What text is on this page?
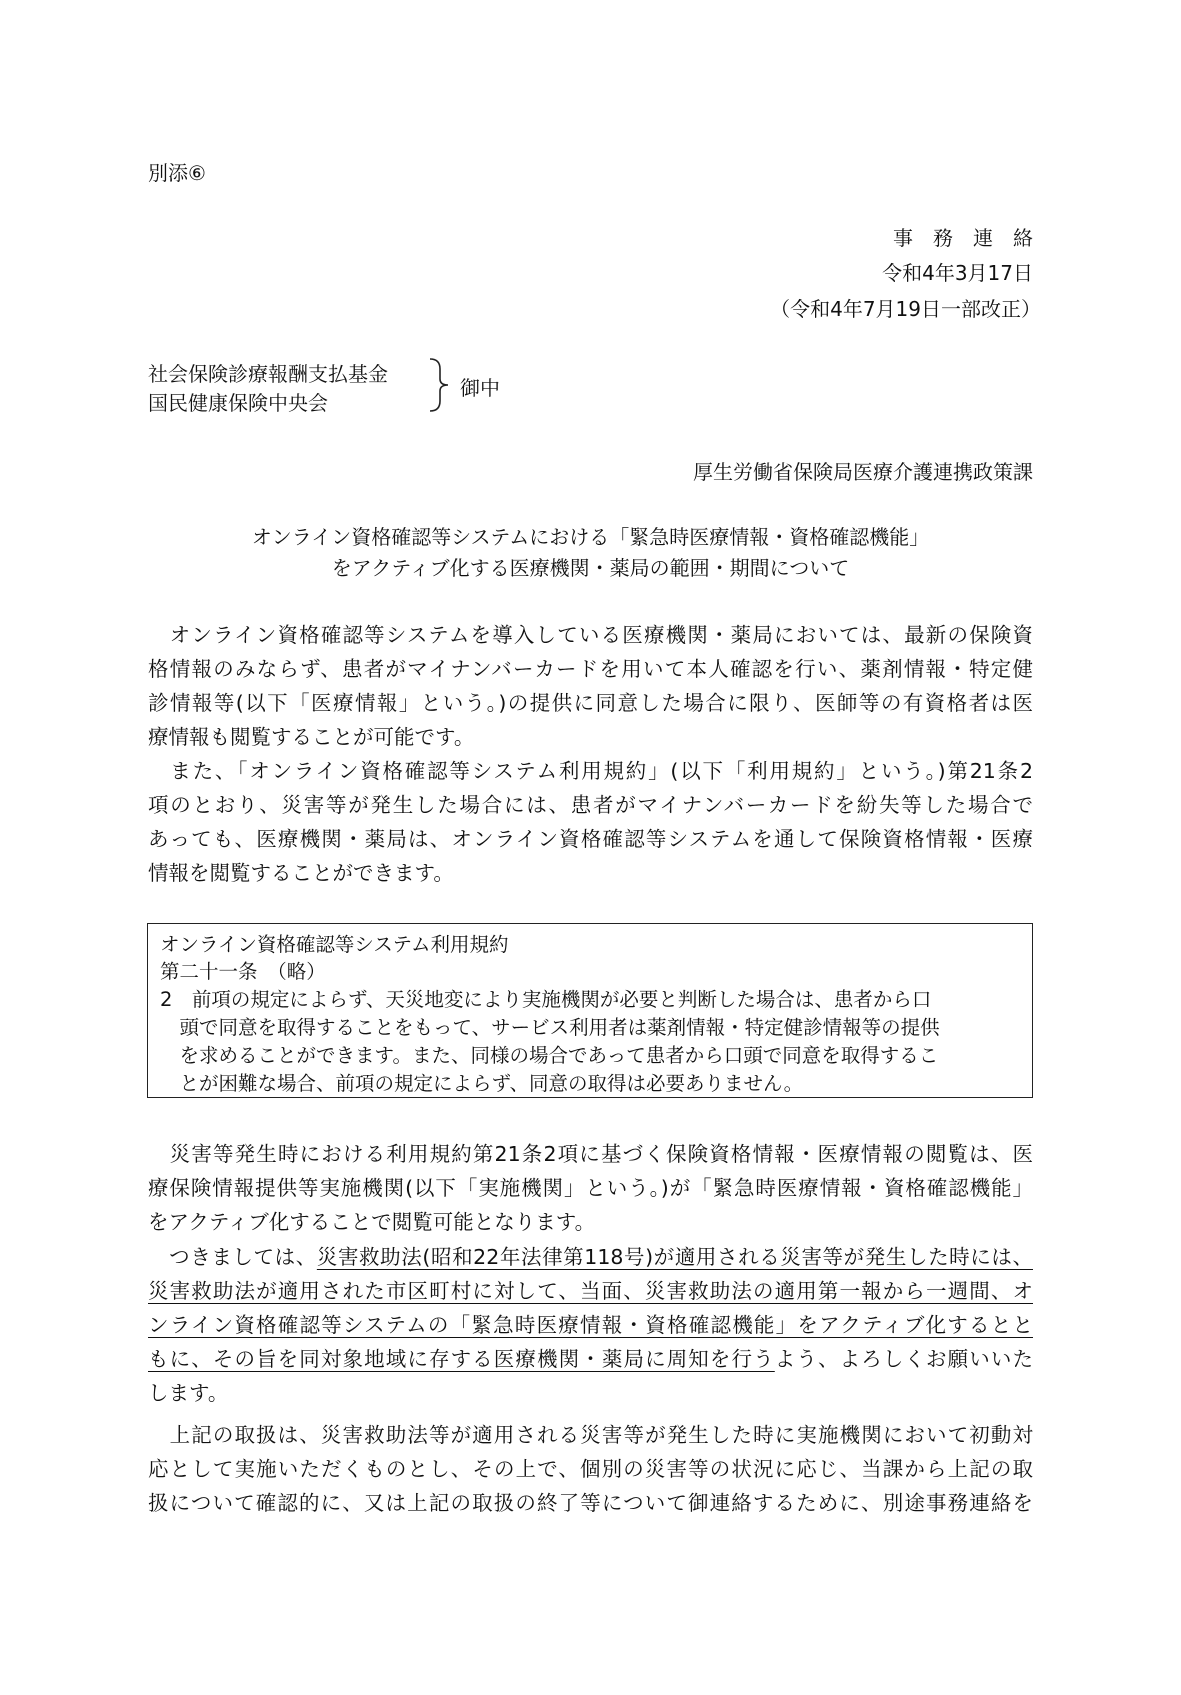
別添⑥
事　務　連　絡
令和4年3月17日
（令和4年7月19日一部改正）
社会保険診療報酬支払基金
国民健康保険中央会
御中
厚生労働省保険局医療介護連携政策課
オンライン資格確認等システムにおける「緊急時医療情報・資格確認機能」
をアクティブ化する医療機関・薬局の範囲・期間について
　オンライン資格確認等システムを導入している医療機関・薬局においては、最新の保険資
格情報のみならず、患者がマイナンバーカードを用いて本人確認を行い、薬剤情報・特定健
診情報等(以下「医療情報」という。)の提供に同意した場合に限り、医師等の有資格者は医
療情報も閲覧することが可能です。
　また、「オンライン資格確認等システム利用規約」(以下「利用規約」という。)第21条2
項のとおり、災害等が発生した場合には、患者がマイナンバーカードを紛失等した場合で
あっても、医療機関・薬局は、オンライン資格確認等システムを通して保険資格情報・医療
情報を閲覧することができます。
オンライン資格確認等システム利用規約
第二十一条　（略）
2　前項の規定によらず、天災地変により実施機関が必要と判断した場合は、患者から口
　頭で同意を取得することをもって、サービス利用者は薬剤情報・特定健診情報等の提供
　を求めることができます。また、同様の場合であって患者から口頭で同意を取得するこ
　とが困難な場合、前項の規定によらず、同意の取得は必要ありません。
　災害等発生時における利用規約第21条2項に基づく保険資格情報・医療情報の閲覧は、医
療保険情報提供等実施機関(以下「実施機関」という。)が「緊急時医療情報・資格確認機能」
をアクティブ化することで閲覧可能となります。
　つきましては、災害救助法(昭和22年法律第118号)が適用される災害等が発生した時には、
災害救助法が適用された市区町村に対して、当面、災害救助法の適用第一報から一週間、オ
ンライン資格確認等システムの「緊急時医療情報・資格確認機能」をアクティブ化するとと
もに、その旨を同対象地域に存する医療機関・薬局に周知を行うよう、よろしくお願いいた
します。
　上記の取扱は、災害救助法等が適用される災害等が発生した時に実施機関において初動対
応として実施いただくものとし、その上で、個別の災害等の状況に応じ、当課から上記の取
扱について確認的に、又は上記の取扱の終了等について御連絡するために、別途事務連絡を
